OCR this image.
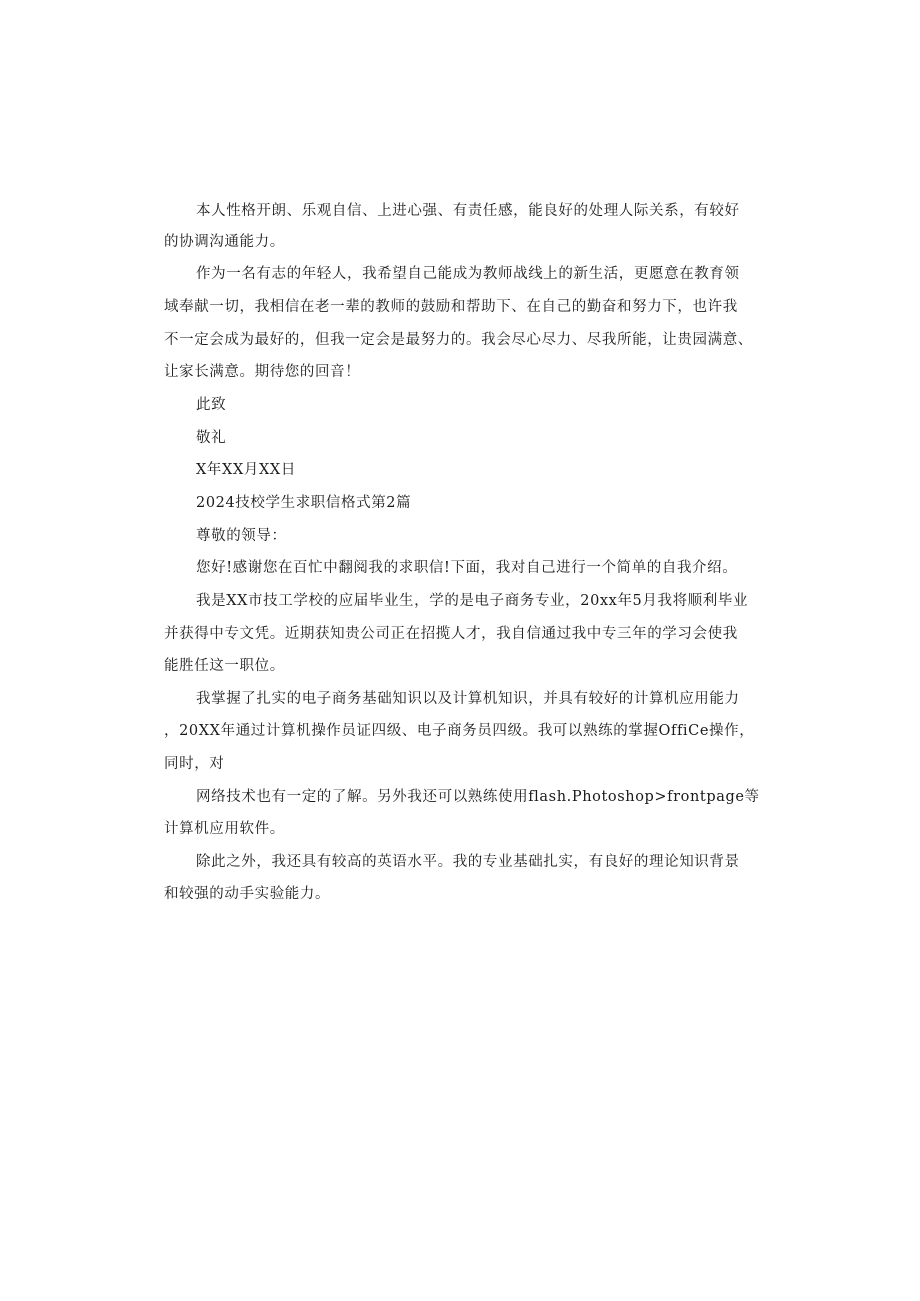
本人性格开朗、乐观自信、上进心强、有责任感，能良好的处理人际关系，有较好
的协调沟通能力。
作为一名有志的年轻人，我希望自己能成为教师战线上的新生活，更愿意在教育领
域奉献一切，我相信在老一辈的教师的鼓励和帮助下、在自己的勤奋和努力下，也许我
不一定会成为最好的，但我一定会是最努力的。我会尽心尽力、尽我所能，让贵园满意、
让家长满意。期待您的回音！
此致
敬礼
X年XX月XX日
2024技校学生求职信格式第2篇
尊敬的领导：
您好!感谢您在百忙中翻阅我的求职信!下面，我对自己进行一个简单的自我介绍。
我是XX市技工学校的应届毕业生，学的是电子商务专业，20xx年5月我将顺利毕业
并获得中专文凭。近期获知贵公司正在招揽人才，我自信通过我中专三年的学习会使我
能胜任这一职位。
我掌握了扎实的电子商务基础知识以及计算机知识，并具有较好的计算机应用能力
，20XX年通过计算机操作员证四级、电子商务员四级。我可以熟练的掌握OffiCe操作，
同时，对
网络技术也有一定的了解。另外我还可以熟练使用flash.Photoshop>frontpage等
计算机应用软件。
除此之外，我还具有较高的英语水平。我的专业基础扎实，有良好的理论知识背景
和较强的动手实验能力。
